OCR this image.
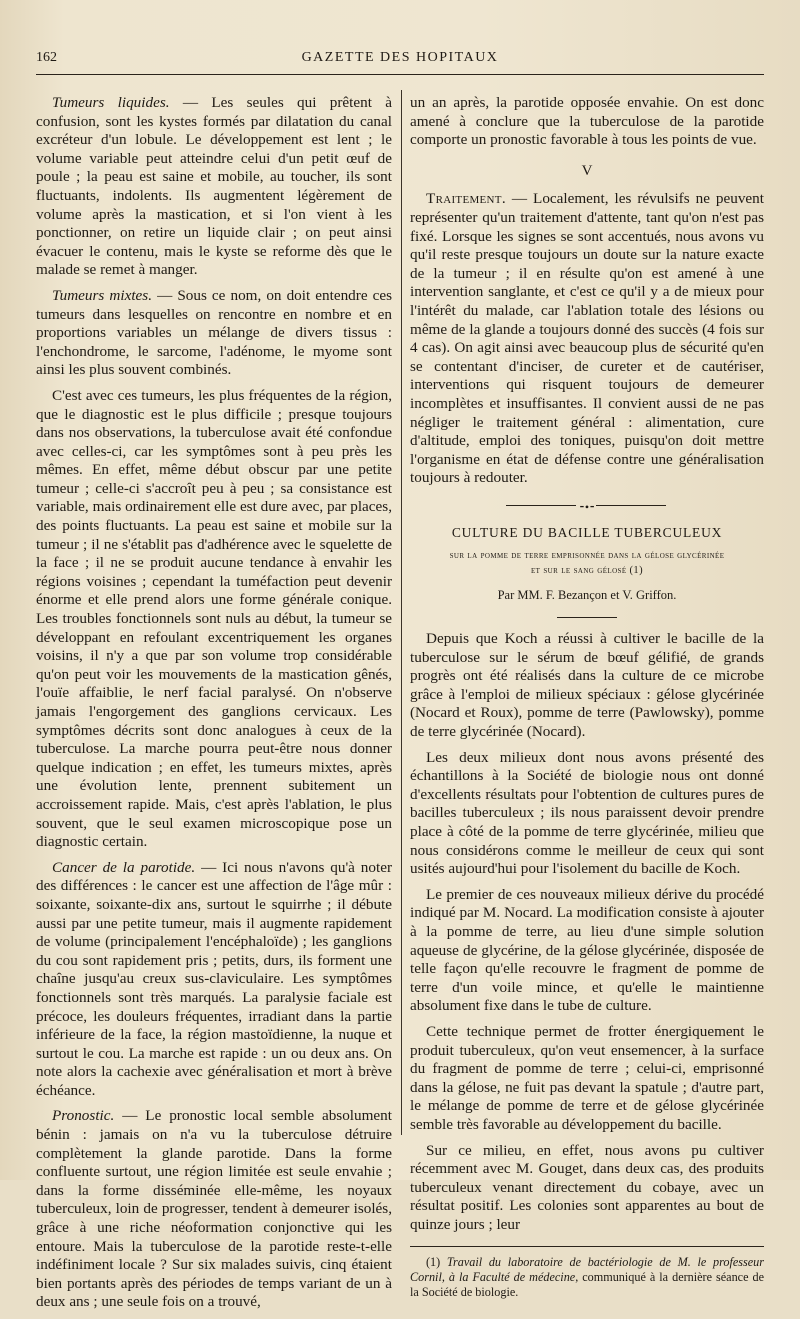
162	GAZETTE DES HOPITAUX

Tumeurs liquides. — Les seules qui prêtent à confusion, sont les kystes formés par dilatation du canal excréteur d'un lobule. Le développement est lent ; le volume variable peut atteindre celui d'un petit œuf de poule ; la peau est saine et mobile, au toucher, ils sont fluctuants, indolents. Ils augmentent légèrement de volume après la mastication, et si l'on vient à les ponctionner, on retire un liquide clair ; on peut ainsi évacuer le contenu, mais le kyste se reforme dès que le malade se remet à manger.

Tumeurs mixtes. — Sous ce nom, on doit entendre ces tumeurs dans lesquelles on rencontre en nombre et en proportions variables un mélange de divers tissus : l'enchondrome, le sarcome, l'adénome, le myome sont ainsi les plus souvent combinés.

C'est avec ces tumeurs, les plus fréquentes de la région, que le diagnostic est le plus difficile ; presque toujours dans nos observations, la tuberculose avait été confondue avec celles-ci, car les symptômes sont à peu près les mêmes. En effet, même début obscur par une petite tumeur ; celle-ci s'accroît peu à peu ; sa consistance est variable, mais ordinairement elle est dure avec, par places, des points fluctuants. La peau est saine et mobile sur la tumeur ; il ne s'établit pas d'adhérence avec le squelette de la face ; il ne se produit aucune tendance à envahir les régions voisines ; cependant la tuméfaction peut devenir énorme et elle prend alors une forme générale conique. Les troubles fonctionnels sont nuls au début, la tumeur se développant en refoulant excentriquement les organes voisins, il n'y a que par son volume trop considérable qu'on peut voir les mouvements de la mastication gênés, l'ouïe affaiblie, le nerf facial paralysé. On n'observe jamais l'engorgement des ganglions cervicaux. Les symptômes décrits sont donc analogues à ceux de la tuberculose. La marche pourra peut-être nous donner quelque indication ; en effet, les tumeurs mixtes, après une évolution lente, prennent subitement un accroissement rapide. Mais, c'est après l'ablation, le plus souvent, que le seul examen microscopique pose un diagnostic certain.

Cancer de la parotide. — Ici nous n'avons qu'à noter des différences : le cancer est une affection de l'âge mûr : soixante, soixante-dix ans, surtout le squirrhe ; il débute aussi par une petite tumeur, mais il augmente rapidement de volume (principalement l'encéphaloïde) ; les ganglions du cou sont rapidement pris ; petits, durs, ils forment une chaîne jusqu'au creux sus-claviculaire. Les symptômes fonctionnels sont très marqués. La paralysie faciale est précoce, les douleurs fréquentes, irradiant dans la partie inférieure de la face, la région mastoïdienne, la nuque et surtout le cou. La marche est rapide : un ou deux ans. On note alors la cachexie avec généralisation et mort à brève échéance.

Pronostic. — Le pronostic local semble absolument bénin : jamais on n'a vu la tuberculose détruire complètement la glande parotide. Dans la forme confluente surtout, une région limitée est seule envahie ; dans la forme disséminée elle-même, les noyaux tuberculeux, loin de progresser, tendent à demeurer isolés, grâce à une riche néoformation conjonctive qui les entoure. Mais la tuberculose de la parotide reste-t-elle indéfiniment locale ? Sur six malades suivis, cinq étaient bien portants après des périodes de temps variant de un à deux ans ; une seule fois on a trouvé,

un an après, la parotide opposée envahie. On est donc amené à conclure que la tuberculose de la parotide comporte un pronostic favorable à tous les points de vue.

V

Traitement. — Localement, les révulsifs ne peuvent représenter qu'un traitement d'attente, tant qu'on n'est pas fixé. Lorsque les signes se sont accentués, nous avons vu qu'il reste presque toujours un doute sur la nature exacte de la tumeur ; il en résulte qu'on est amené à une intervention sanglante, et c'est ce qu'il y a de mieux pour l'intérêt du malade, car l'ablation totale des lésions ou même de la glande a toujours donné des succès (4 fois sur 4 cas). On agit ainsi avec beaucoup plus de sécurité qu'en se contentant d'inciser, de cureter et de cautériser, interventions qui risquent toujours de demeurer incomplètes et insuffisantes. Il convient aussi de ne pas négliger le traitement général : alimentation, cure d'altitude, emploi des toniques, puisqu'on doit mettre l'organisme en état de défense contre une généralisation toujours à redouter.

⁃•⁃
CULTURE DU BACILLE TUBERCULEUX
sur la pomme de terre emprisonnée dans la gélose glycérinée
et sur le sang gélosé (1)
Par MM. F. Bezançon et V. Griffon.

Depuis que Koch a réussi à cultiver le bacille de la tuberculose sur le sérum de bœuf gélifié, de grands progrès ont été réalisés dans la culture de ce microbe grâce à l'emploi de milieux spéciaux : gélose glycérinée (Nocard et Roux), pomme de terre (Pawlowsky), pomme de terre glycérinée (Nocard).

Les deux milieux dont nous avons présenté des échantillons à la Société de biologie nous ont donné d'excellents résultats pour l'obtention de cultures pures de bacilles tuberculeux ; ils nous paraissent devoir prendre place à côté de la pomme de terre glycérinée, milieu que nous considérons comme le meilleur de ceux qui sont usités aujourd'hui pour l'isolement du bacille de Koch.

Le premier de ces nouveaux milieux dérive du procédé indiqué par M. Nocard. La modification consiste à ajouter à la pomme de terre, au lieu d'une simple solution aqueuse de glycérine, de la gélose glycérinée, disposée de telle façon qu'elle recouvre le fragment de pomme de terre d'un voile mince, et qu'elle le maintienne absolument fixe dans le tube de culture.

Cette technique permet de frotter énergiquement le produit tuberculeux, qu'on veut ensemencer, à la surface du fragment de pomme de terre ; celui-ci, emprisonné dans la gélose, ne fuit pas devant la spatule ; d'autre part, le mélange de pomme de terre et de gélose glycérinée semble très favorable au développement du bacille.

Sur ce milieu, en effet, nous avons pu cultiver récemment avec M. Gouget, dans deux cas, des produits tuberculeux venant directement du cobaye, avec un résultat positif. Les colonies sont apparentes au bout de quinze jours ; leur

(1) Travail du laboratoire de bactériologie de M. le professeur Cornil, à la Faculté de médecine, communiqué à la dernière séance de la Société de biologie.
